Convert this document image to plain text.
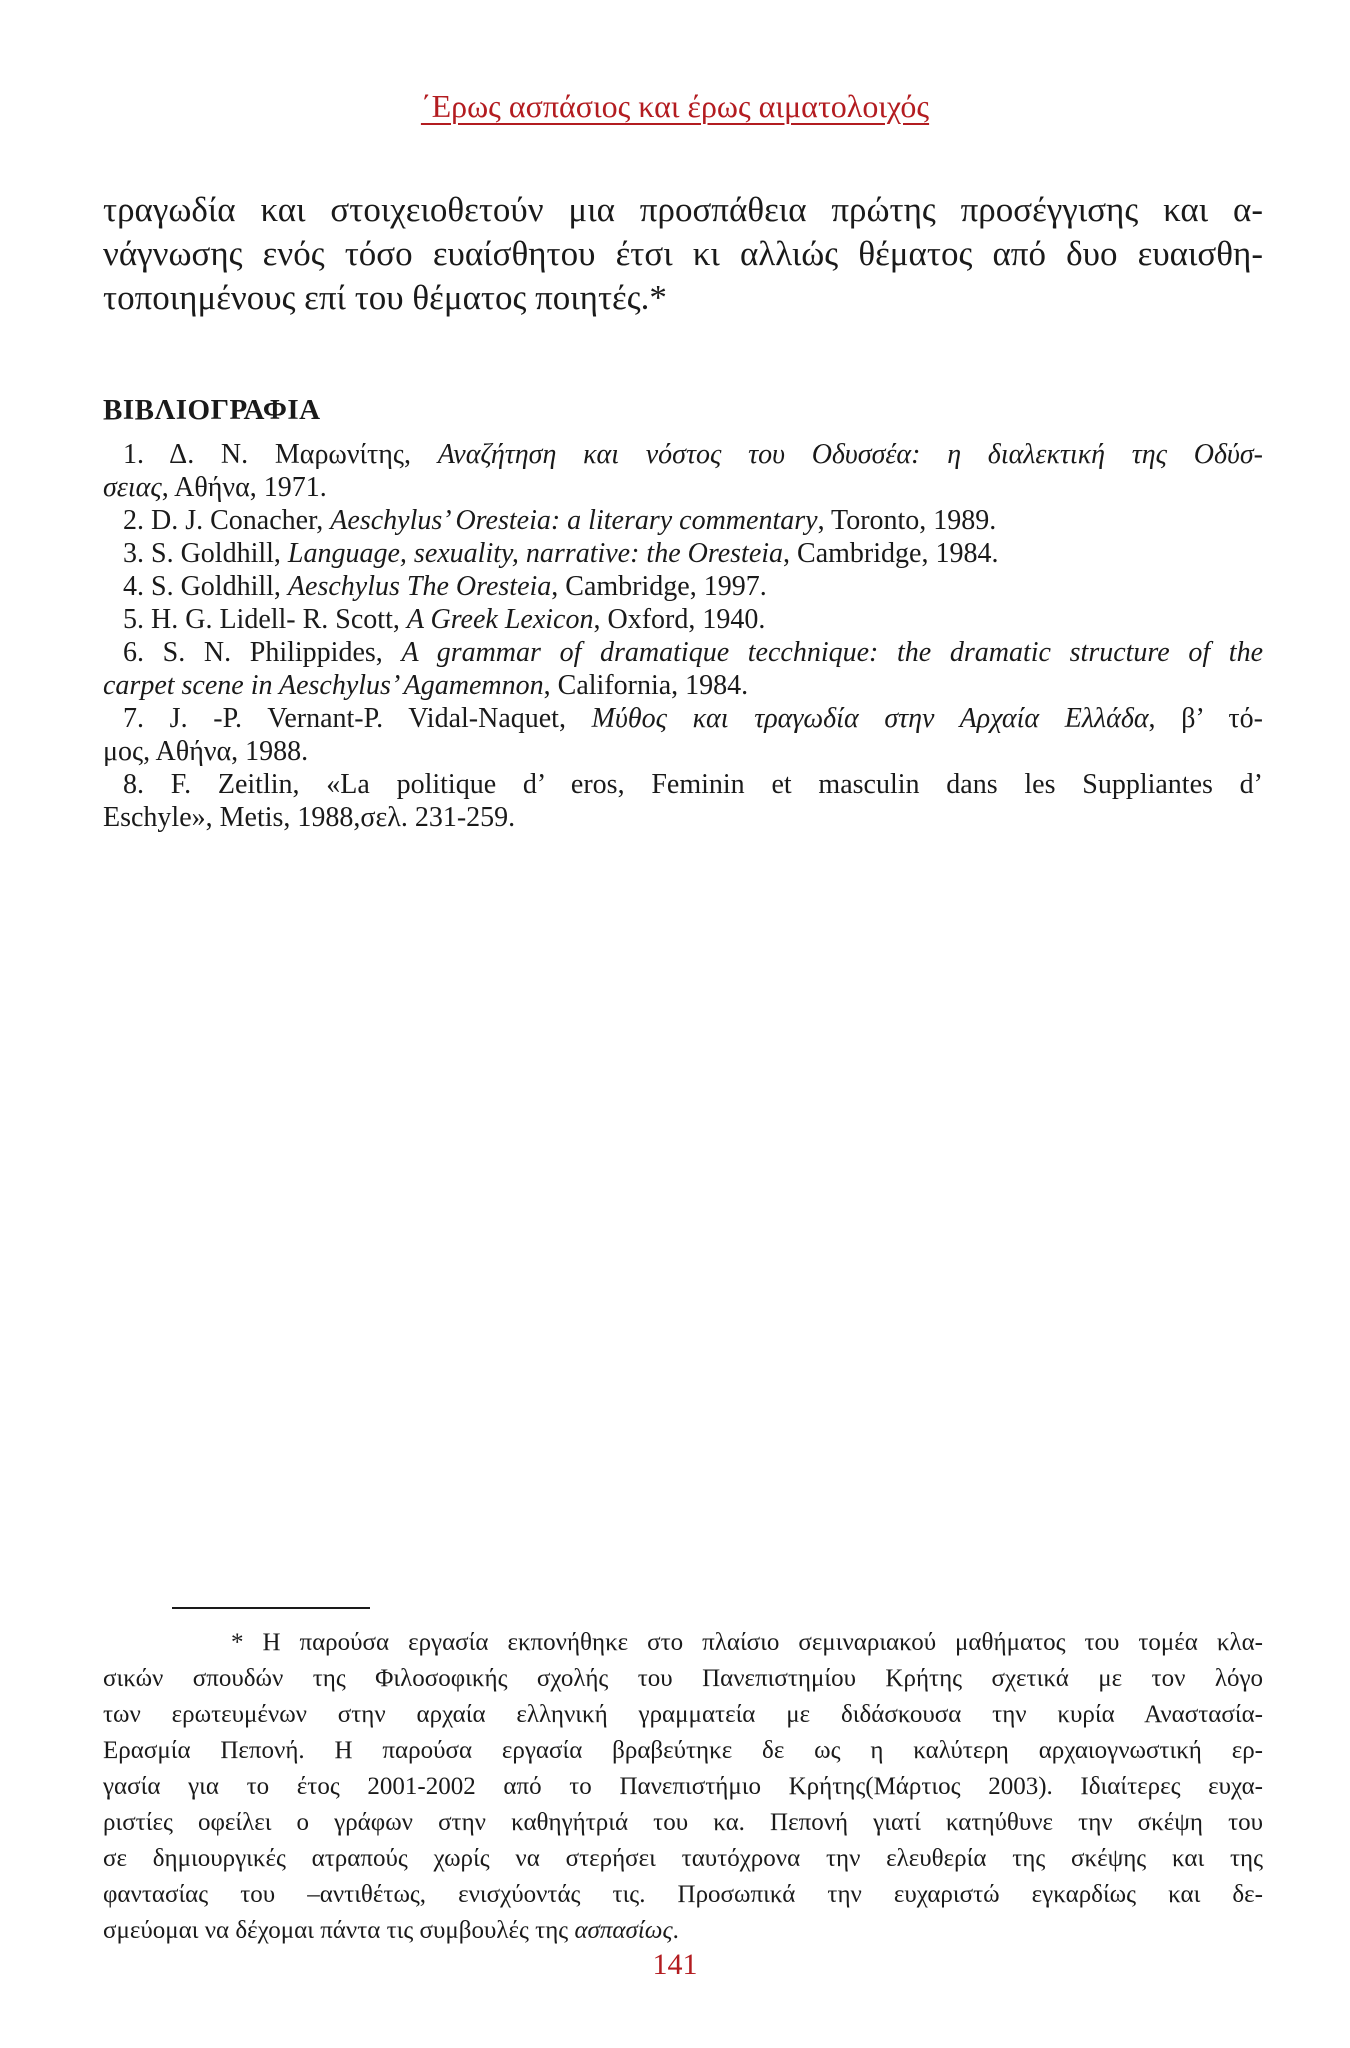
΄Ερως ασπάσιος και έρως αιματολοιχός
τραγωδία και στοιχειοθετούν μια προσπάθεια πρώτης προσέγγισης και α-
νάγνωσης ενός τόσο ευαίσθητου έτσι κι αλλιώς θέματος από δυο ευαισθη-
τοποιημένους επί του θέματος ποιητές.*
ΒΙΒΛΙΟΓΡΑΦΙΑ
1. Δ. Ν. Μαρωνίτης, Αναζήτηση και νόστος του Οδυσσέα: η διαλεκτική της Οδύσ-
σειας, Αθήνα, 1971.
2. D. J. Conacher, Aeschylus’ Oresteia: a literary commentary, Toronto, 1989.
3. S. Goldhill, Language, sexuality, narrative: the Oresteia, Cambridge, 1984.
4. S. Goldhill, Aeschylus The Oresteia, Cambridge, 1997.
5. H. G. Lidell- R. Scott, A Greek Lexicon, Oxford, 1940.
6. S. N. Philippides, A grammar of dramatique tecchnique: the dramatic structure of the
carpet scene in Aeschylus’ Agamemnon, California, 1984.
7. J. -P. Vernant-P. Vidal-Naquet, Μύθος και τραγωδία στην Αρχαία Ελλάδα, β’ τό-
μος, Αθήνα, 1988.
8. F. Zeitlin, «La politique d’ eros, Feminin et masculin dans les Suppliantes d’
Eschyle», Metis, 1988,σελ. 231-259.
* Η παρούσα εργασία εκπονήθηκε στο πλαίσιο σεμιναριακού μαθήματος του τομέα κλα-
σικών σπουδών της Φιλοσοφικής σχολής του Πανεπιστημίου Κρήτης σχετικά με τον λόγο
των ερωτευμένων στην αρχαία ελληνική γραμματεία με διδάσκουσα την κυρία Αναστασία-
Ερασμία Πεπονή. Η παρούσα εργασία βραβεύτηκε δε ως η καλύτερη αρχαιογνωστική ερ-
γασία για το έτος 2001-2002 από το Πανεπιστήμιο Κρήτης(Μάρτιος 2003). Ιδιαίτερες ευχα-
ριστίες οφείλει ο γράφων στην καθηγήτριά του κα. Πεπονή γιατί κατηύθυνε την σκέψη του
σε δημιουργικές ατραπούς χωρίς να στερήσει ταυτόχρονα την ελευθερία της σκέψης και της
φαντασίας του –αντιθέτως, ενισχύοντάς τις. Προσωπικά την ευχαριστώ εγκαρδίως και δε-
σμεύομαι να δέχομαι πάντα τις συμβουλές της ασπασίως.
141
